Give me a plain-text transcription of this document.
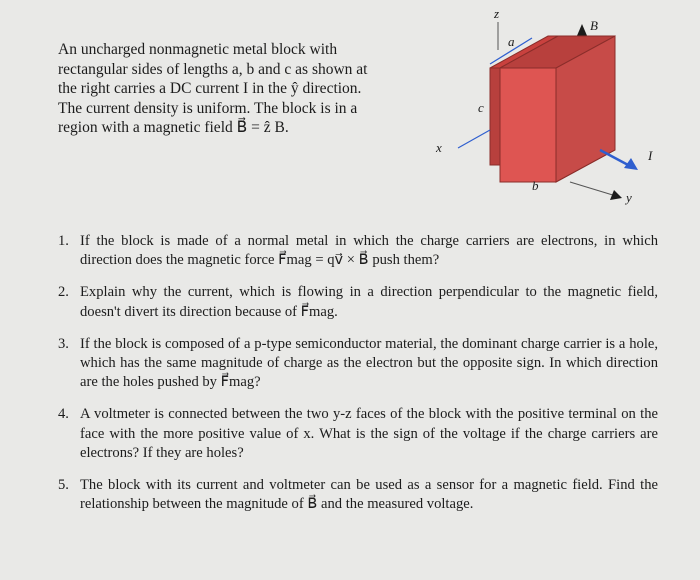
An uncharged nonmagnetic metal block with rectangular sides of lengths a, b and c as shown at the right carries a DC current I in the ŷ direction. The current density is uniform. The block is in a region with a magnetic field B⃗ = ẑ B.

z
B⃗
a
c
x
I
b
y
1. If the block is made of a normal metal in which the charge carriers are electrons, in which direction does the magnetic force F⃗mag = qv⃗ × B⃗ push them?
2. Explain why the current, which is flowing in a direction perpendicular to the magnetic field, doesn't divert its direction because of F⃗mag.
3. If the block is composed of a p-type semiconductor material, the dominant charge carrier is a hole, which has the same magnitude of charge as the electron but the opposite sign. In which direction are the holes pushed by F⃗mag?
4. A voltmeter is connected between the two y-z faces of the block with the positive terminal on the face with the more positive value of x. What is the sign of the voltage if the charge carriers are electrons? If they are holes?
5. The block with its current and voltmeter can be used as a sensor for a magnetic field. Find the relationship between the magnitude of B⃗ and the measured voltage.
